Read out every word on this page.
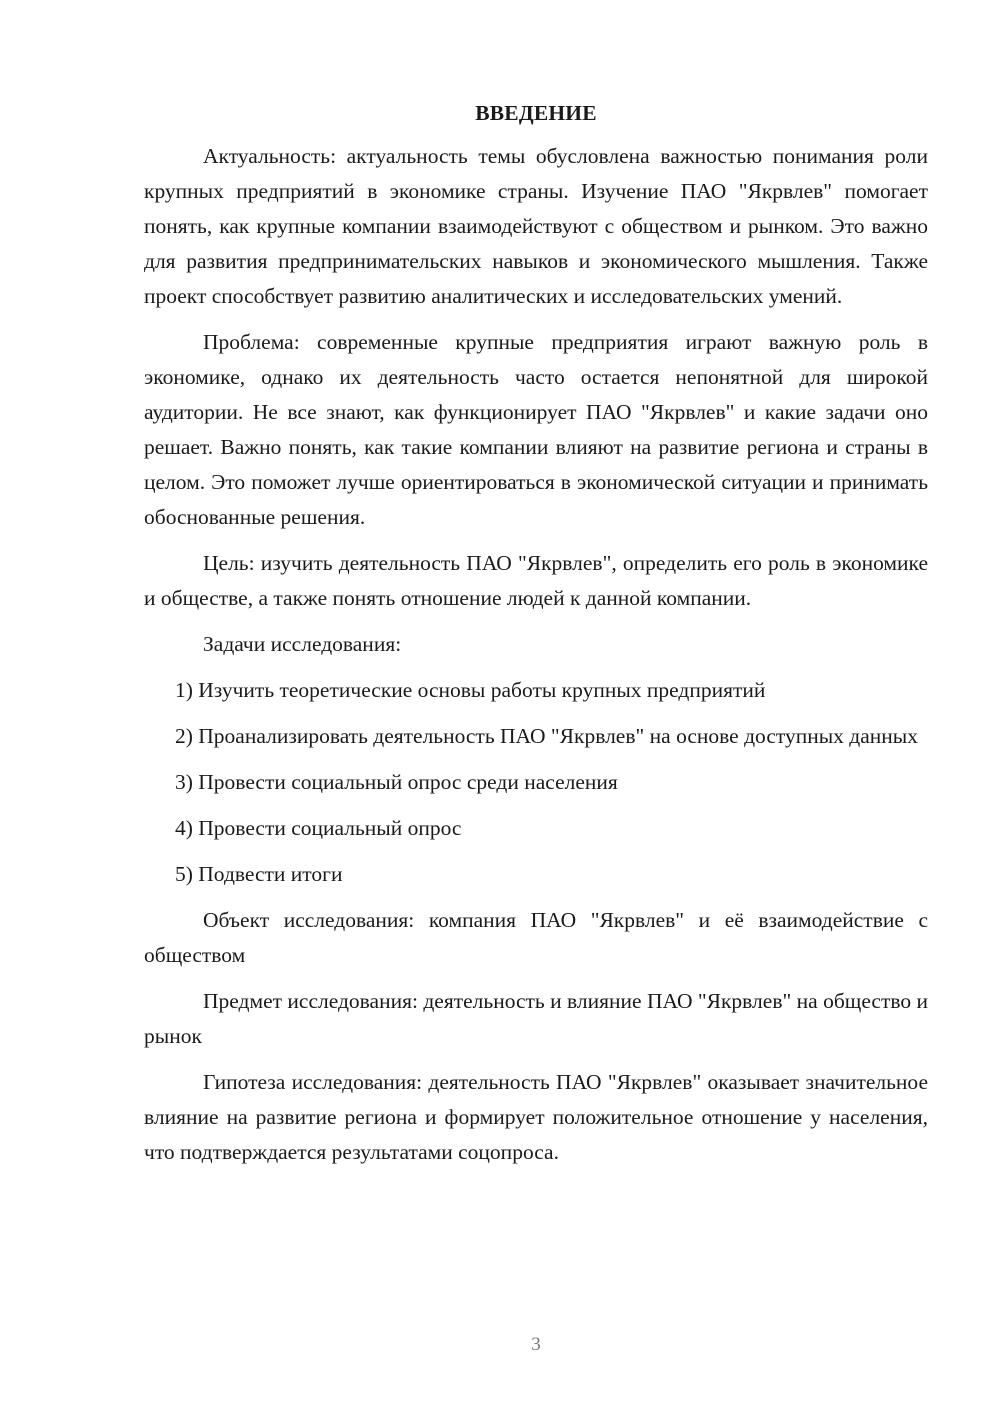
ВВЕДЕНИЕ

Актуальность: актуальность темы обусловлена важностью понимания роли крупных предприятий в экономике страны. Изучение ПАО "Якрвлев" помогает понять, как крупные компании взаимодействуют с обществом и рынком. Это важно для развития предпринимательских навыков и экономического мышления. Также проект способствует развитию аналитических и исследовательских умений.

Проблема: современные крупные предприятия играют важную роль в экономике, однако их деятельность часто остается непонятной для широкой аудитории. Не все знают, как функционирует ПАО "Якрвлев" и какие задачи оно решает. Важно понять, как такие компании влияют на развитие региона и страны в целом. Это поможет лучше ориентироваться в экономической ситуации и принимать обоснованные решения.

Цель: изучить деятельность ПАО "Якрвлев", определить его роль в экономике и обществе, а также понять отношение людей к данной компании.

Задачи исследования:

1) Изучить теоретические основы работы крупных предприятий

2) Проанализировать деятельность ПАО "Якрвлев" на основе доступных данных

3) Провести социальный опрос среди населения

4) Провести социальный опрос

5) Подвести итоги

Объект исследования: компания ПАО "Якрвлев" и её взаимодействие с обществом

Предмет исследования: деятельность и влияние ПАО "Якрвлев" на общество и рынок

Гипотеза исследования: деятельность ПАО "Якрвлев" оказывает значительное влияние на развитие региона и формирует положительное отношение у населения, что подтверждается результатами соцопроса.

3
